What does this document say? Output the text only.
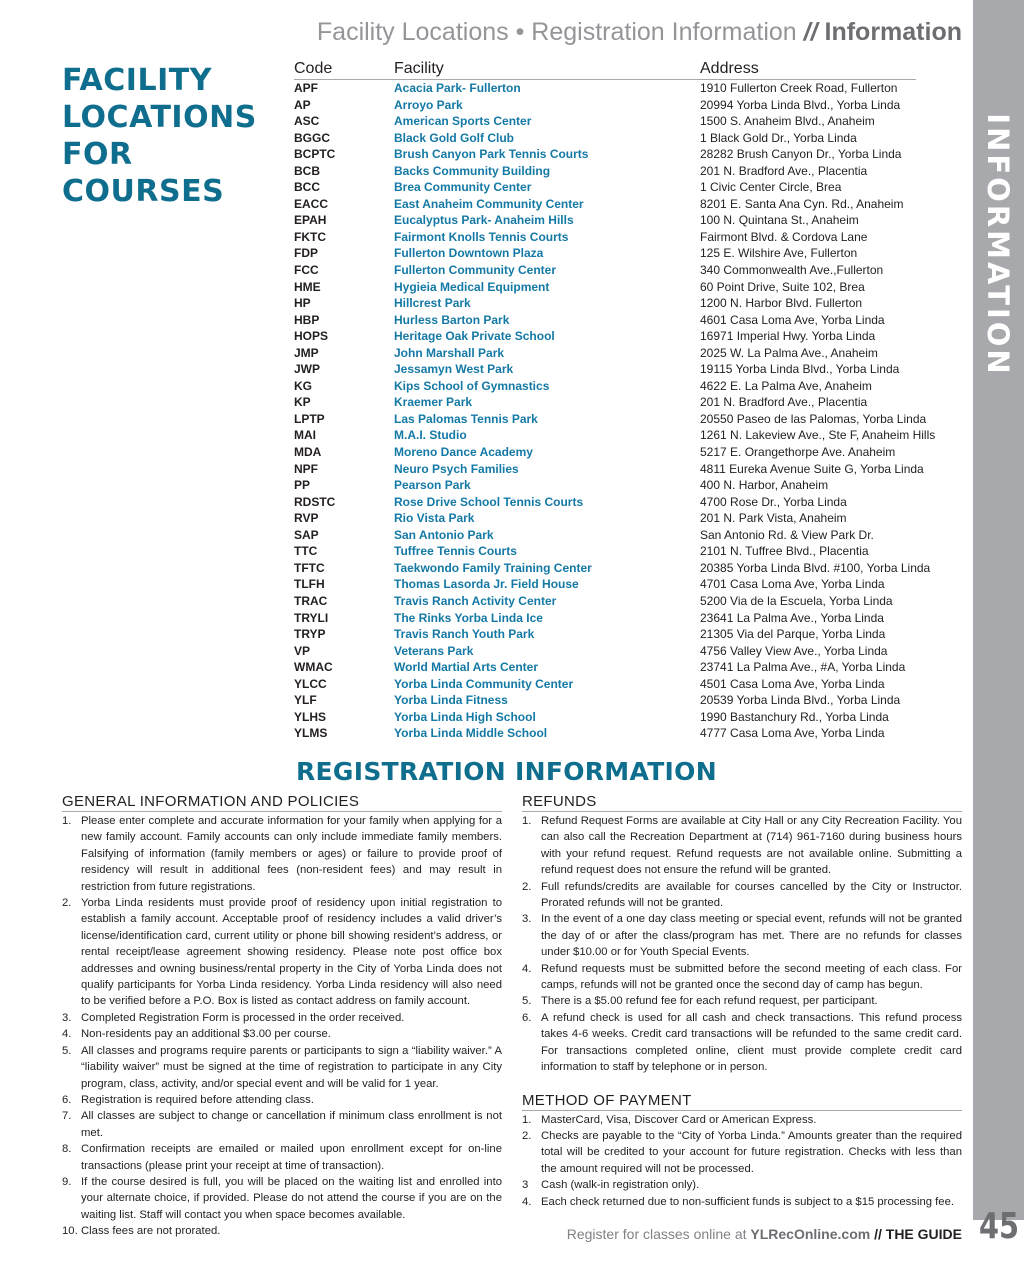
INFORMATION
45
Facility Locations • Registration Information // Information
FACILITY LOCATIONS FOR COURSES
Code	Facility	Address
APF	Acacia Park- Fullerton	1910 Fullerton Creek Road, Fullerton
AP	Arroyo Park	20994 Yorba Linda Blvd., Yorba Linda
ASC	American Sports Center	1500 S. Anaheim Blvd., Anaheim
BGGC	Black Gold Golf Club	1 Black Gold Dr., Yorba Linda
BCPTC	Brush Canyon Park Tennis Courts	28282 Brush Canyon Dr., Yorba Linda
BCB	Backs Community Building	201 N. Bradford Ave., Placentia
BCC	Brea Community Center	1 Civic Center Circle, Brea
EACC	East Anaheim Community Center	8201 E. Santa Ana Cyn. Rd., Anaheim
EPAH	Eucalyptus Park- Anaheim Hills	100 N. Quintana St., Anaheim
FKTC	Fairmont Knolls Tennis Courts	Fairmont Blvd. & Cordova Lane
FDP	Fullerton Downtown Plaza	125 E. Wilshire Ave, Fullerton
FCC	Fullerton Community Center	340 Commonwealth Ave.,Fullerton
HME	Hygieia Medical Equipment	60 Point Drive, Suite 102, Brea
HP	Hillcrest Park	1200 N. Harbor Blvd. Fullerton
HBP	Hurless Barton Park	4601 Casa Loma Ave, Yorba Linda
HOPS	Heritage Oak Private School	16971 Imperial Hwy. Yorba Linda
JMP	John Marshall Park	2025 W. La Palma Ave., Anaheim
JWP	Jessamyn West Park	19115 Yorba Linda Blvd., Yorba Linda
KG	Kips School of Gymnastics	4622 E. La Palma Ave, Anaheim
KP	Kraemer Park	201 N. Bradford Ave., Placentia
LPTP	Las Palomas Tennis Park	20550 Paseo de las Palomas, Yorba Linda
MAI	M.A.I. Studio	1261 N. Lakeview Ave., Ste F, Anaheim Hills
MDA	Moreno Dance Academy	5217 E. Orangethorpe Ave. Anaheim
NPF	Neuro Psych Families	4811 Eureka Avenue Suite G, Yorba Linda
PP	Pearson Park	400 N. Harbor, Anaheim
RDSTC	Rose Drive School Tennis Courts	4700 Rose Dr., Yorba Linda
RVP	Rio Vista Park	201 N. Park Vista, Anaheim
SAP	San Antonio Park	San Antonio Rd. & View Park Dr.
TTC	Tuffree Tennis Courts	2101 N. Tuffree Blvd., Placentia
TFTC	Taekwondo Family Training Center	20385 Yorba Linda Blvd. #100, Yorba Linda
TLFH	Thomas Lasorda Jr. Field House	4701 Casa Loma Ave, Yorba Linda
TRAC	Travis Ranch Activity Center	5200 Via de la Escuela, Yorba Linda
TRYLI	The Rinks Yorba Linda Ice	23641 La Palma Ave., Yorba Linda
TRYP	Travis Ranch Youth Park	21305 Via del Parque, Yorba Linda
VP	Veterans Park	4756 Valley View Ave., Yorba Linda
WMAC	World Martial Arts Center	23741 La Palma Ave., #A, Yorba Linda
YLCC	Yorba Linda Community Center	4501 Casa Loma Ave, Yorba Linda
YLF	Yorba Linda Fitness	20539 Yorba Linda Blvd., Yorba Linda
YLHS	Yorba Linda High School	1990 Bastanchury Rd., Yorba Linda
YLMS	Yorba Linda Middle School	4777 Casa Loma Ave, Yorba Linda
REGISTRATION INFORMATION
GENERAL INFORMATION AND POLICIES
1. Please enter complete and accurate information for your family when applying for a new family account. Family accounts can only include immediate family members. Falsifying of information (family members or ages) or failure to provide proof of residency will result in additional fees (non-resident fees) and may result in restriction from future registrations.
2. Yorba Linda residents must provide proof of residency upon initial registration to establish a family account. Acceptable proof of residency includes a valid driver’s license/identification card, current utility or phone bill showing resident’s address, or rental receipt/lease agreement showing residency. Please note post office box addresses and owning business/rental property in the City of Yorba Linda does not qualify participants for Yorba Linda residency. Yorba Linda residency will also need to be verified before a P.O. Box is listed as contact address on family account.
3. Completed Registration Form is processed in the order received.
4. Non-residents pay an additional $3.00 per course.
5. All classes and programs require parents or participants to sign a “liability waiver.” A “liability waiver” must be signed at the time of registration to participate in any City program, class, activity, and/or special event and will be valid for 1 year.
6. Registration is required before attending class.
7. All classes are subject to change or cancellation if minimum class enrollment is not met.
8. Confirmation receipts are emailed or mailed upon enrollment except for on-line transactions (please print your receipt at time of transaction).
9. If the course desired is full, you will be placed on the waiting list and enrolled into your alternate choice, if provided. Please do not attend the course if you are on the waiting list. Staff will contact you when space becomes available.
10. Class fees are not prorated.
REFUNDS
1. Refund Request Forms are available at City Hall or any City Recreation Facility. You can also call the Recreation Department at (714) 961-7160 during business hours with your refund request. Refund requests are not available online. Submitting a refund request does not ensure the refund will be granted.
2. Full refunds/credits are available for courses cancelled by the City or Instructor. Prorated refunds will not be granted.
3. In the event of a one day class meeting or special event, refunds will not be granted the day of or after the class/program has met. There are no refunds for classes under $10.00 or for Youth Special Events.
4. Refund requests must be submitted before the second meeting of each class. For camps, refunds will not be granted once the second day of camp has begun.
5. There is a $5.00 refund fee for each refund request, per participant.
6. A refund check is used for all cash and check transactions. This refund process takes 4-6 weeks. Credit card transactions will be refunded to the same credit card. For transactions completed online, client must provide complete credit card information to staff by telephone or in person.
METHOD OF PAYMENT
1. MasterCard, Visa, Discover Card or American Express.
2. Checks are payable to the “City of Yorba Linda.” Amounts greater than the required total will be credited to your account for future registration. Checks with less than the amount required will not be processed.
3 Cash (walk-in registration only).
4. Each check returned due to non-sufficient funds is subject to a $15 processing fee.
Register for classes online at YLRecOnline.com // THE GUIDE
